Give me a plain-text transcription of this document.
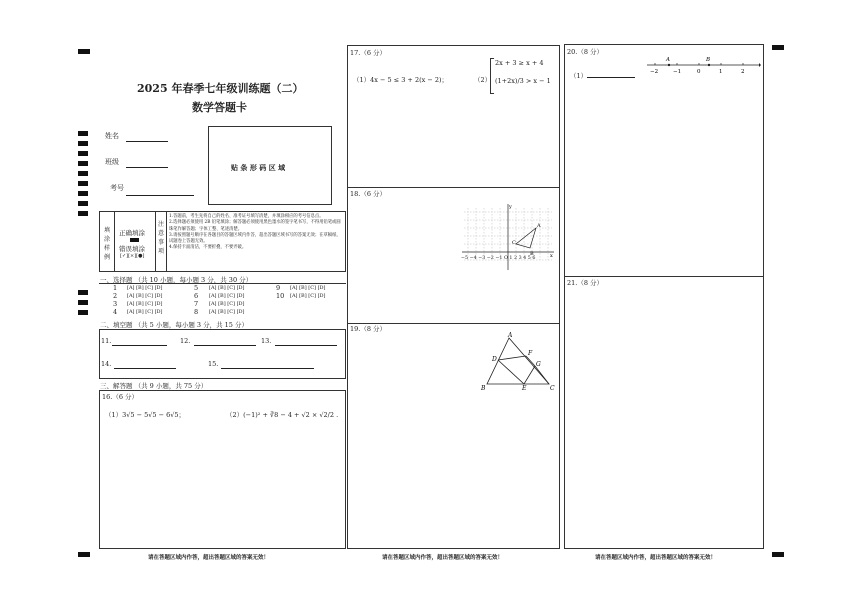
2025 年春季七年级训练题（二）
数学答题卡
姓名
班级
考号
贴 条 形 码 区 域
填涂样例
正确填涂
错误填涂
[✓][×][●]
注意事项
1.答题前，考生先将自己的姓名、准考证号填写清楚，并填涂相应的考号信息点。
2.选择题必须使用 2B 铅笔填涂；解答题必须使用黑色墨水的签字笔书写，不得用铅笔或圆珠笔作解答题；字体工整、笔迹清楚。
3.请按照题号顺序在各题目的答题区域内作答，超出答题区域书写的答案无效；在草稿纸、试题卷上答题无效。
4.保持卡面清洁，不要折叠，不要弄破。
一、选择题 （共 10 小题，每小题 3 分，共 30 分）
1 [A] [B] [C] [D]
2 [A] [B] [C] [D]
3 [A] [B] [C] [D]
4 [A] [B] [C] [D]
5 [A] [B] [C] [D]
6 [A] [B] [C] [D]
7 [A] [B] [C] [D]
8 [A] [B] [C] [D]
9 [A] [B] [C] [D]
10 [A] [B] [C] [D]
二、填空题 （共 5 小题，每小题 3 分，共 15 分）
11.	12.	13.
14.	15.
三、解答题 （共 9 小题，共 75 分）
16.（6 分）
（1）3√5 − 5√5 − 6√5；	（2）(−1)² + ∛8 − 4 + √2 × √2/2 .
17.（6 分）
（1）4x − 5 ≤ 3 + 2(x − 2)；	（2）
2x + 3 ≥ x + 4
(1+2x)/3 > x − 1
18.（6 分）
y
x
A
C
B
−5 −4 −3 −2 −1 O 1 2 3 4 5 6
19.（8 分）
A
B	C
D
E
F
G
20.（8 分）
（1）
A	B
−2	−1	0	1	2
21.（8 分）
请在答题区域内作答，超出答题区域的答案无效！	请在答题区域内作答，超出答题区域的答案无效！	请在答题区域内作答，超出答题区域的答案无效！
